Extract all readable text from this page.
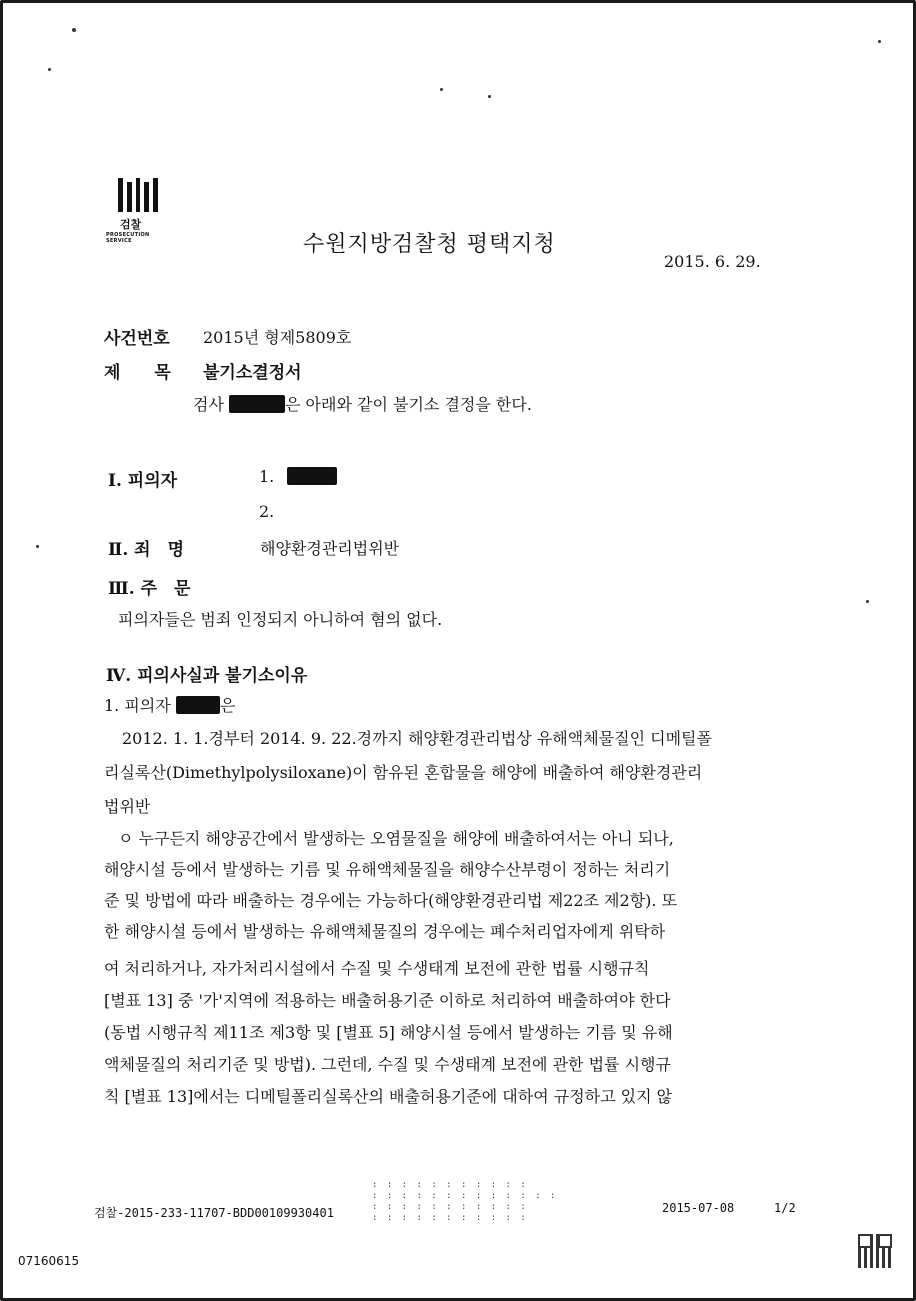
검찰
PROSECUTION SERVICE	수원지방검찰청 평택지청
2015. 6. 29.
사건번호 2015년 형제5809호
제　　목 불기소결정서
검사	은 아래와 같이 불기소 결정을 한다.
Ⅰ. 피의자	1.
2.
Ⅱ. 죄　명	해양환경관리법위반
Ⅲ. 주　문
피의자들은 범죄 인정되지 아니하여 혐의 없다.
Ⅳ. 피의사실과 불기소이유
1. 피의자	은
2012. 1. 1.경부터 2014. 9. 22.경까지 해양환경관리법상 유해액체물질인 디메틸폴
리실록산(Dimethylpolysiloxane)이 함유된 혼합물을 해양에 배출하여 해양환경관리
법위반
ㅇ 누구든지 해양공간에서 발생하는 오염물질을 해양에 배출하여서는 아니 되나,
해양시설 등에서 발생하는 기름 및 유해액체물질을 해양수산부령이 정하는 처리기
준 및 방법에 따라 배출하는 경우에는 가능하다(해양환경관리법 제22조 제2항). 또
한 해양시설 등에서 발생하는 유해액체물질의 경우에는 폐수처리업자에게 위탁하
여 처리하거나, 자가처리시설에서 수질 및 수생태계 보전에 관한 법률 시행규칙
[별표 13] 중 '가'지역에 적용하는 배출허용기준 이하로 처리하여 배출하여야 한다
(동법 시행규칙 제11조 제3항 및 [별표 5] 해양시설 등에서 발생하는 기름 및 유해
액체물질의 처리기준 및 방법). 그런데, 수질 및 수생태계 보전에 관한 법률 시행규
칙 [별표 13]에서는 디메틸폴리실록산의 배출허용기준에 대하여 규정하고 있지 않
: : : : : : : : : : :
: : : : : : : : : : : : :
: : : : : : : : : : :
: : : : : : : : : : :
검찰-2015-233-11707-BDD00109930401	2015-07-08	1/2
07160615
